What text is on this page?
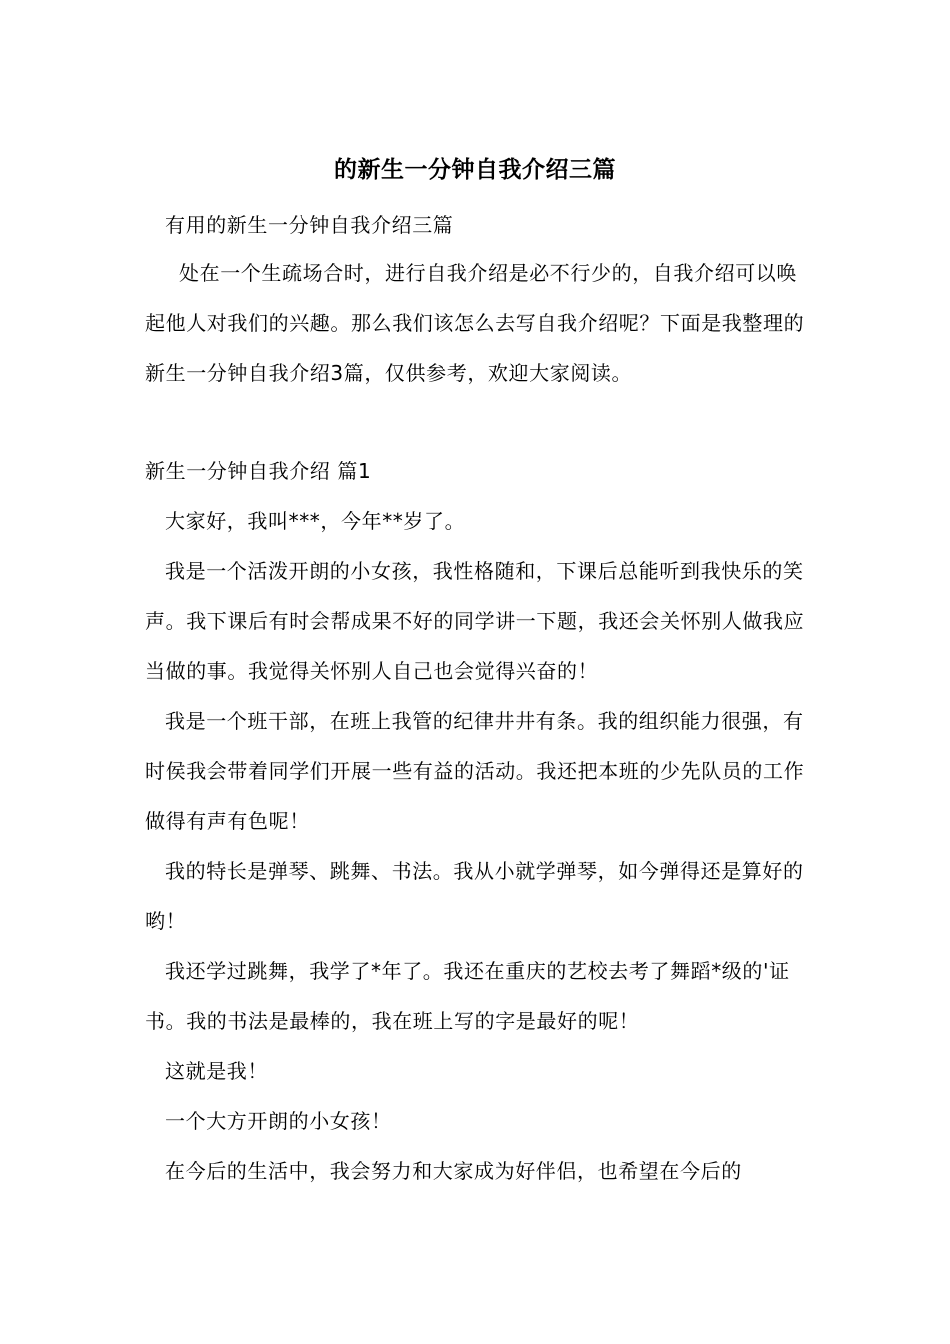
的新生一分钟自我介绍三篇

有用的新生一分钟自我介绍三篇

处在一个生疏场合时，进行自我介绍是必不行少的，自我介绍可以唤起他人对我们的兴趣。那么我们该怎么去写自我介绍呢？下面是我整理的新生一分钟自我介绍3篇，仅供参考，欢迎大家阅读。

新生一分钟自我介绍 篇1

大家好，我叫***，今年**岁了。

我是一个活泼开朗的小女孩，我性格随和，下课后总能听到我快乐的笑声。我下课后有时会帮成果不好的同学讲一下题，我还会关怀别人做我应当做的事。我觉得关怀别人自己也会觉得兴奋的！

我是一个班干部，在班上我管的纪律井井有条。我的组织能力很强，有时侯我会带着同学们开展一些有益的活动。我还把本班的少先队员的工作做得有声有色呢！

我的特长是弹琴、跳舞、书法。我从小就学弹琴，如今弹得还是算好的哟！

我还学过跳舞，我学了*年了。我还在重庆的艺校去考了舞蹈*级的'证书。我的书法是最棒的，我在班上写的字是最好的呢！

这就是我！

一个大方开朗的小女孩！

在今后的生活中，我会努力和大家成为好伴侣，也希望在今后的
